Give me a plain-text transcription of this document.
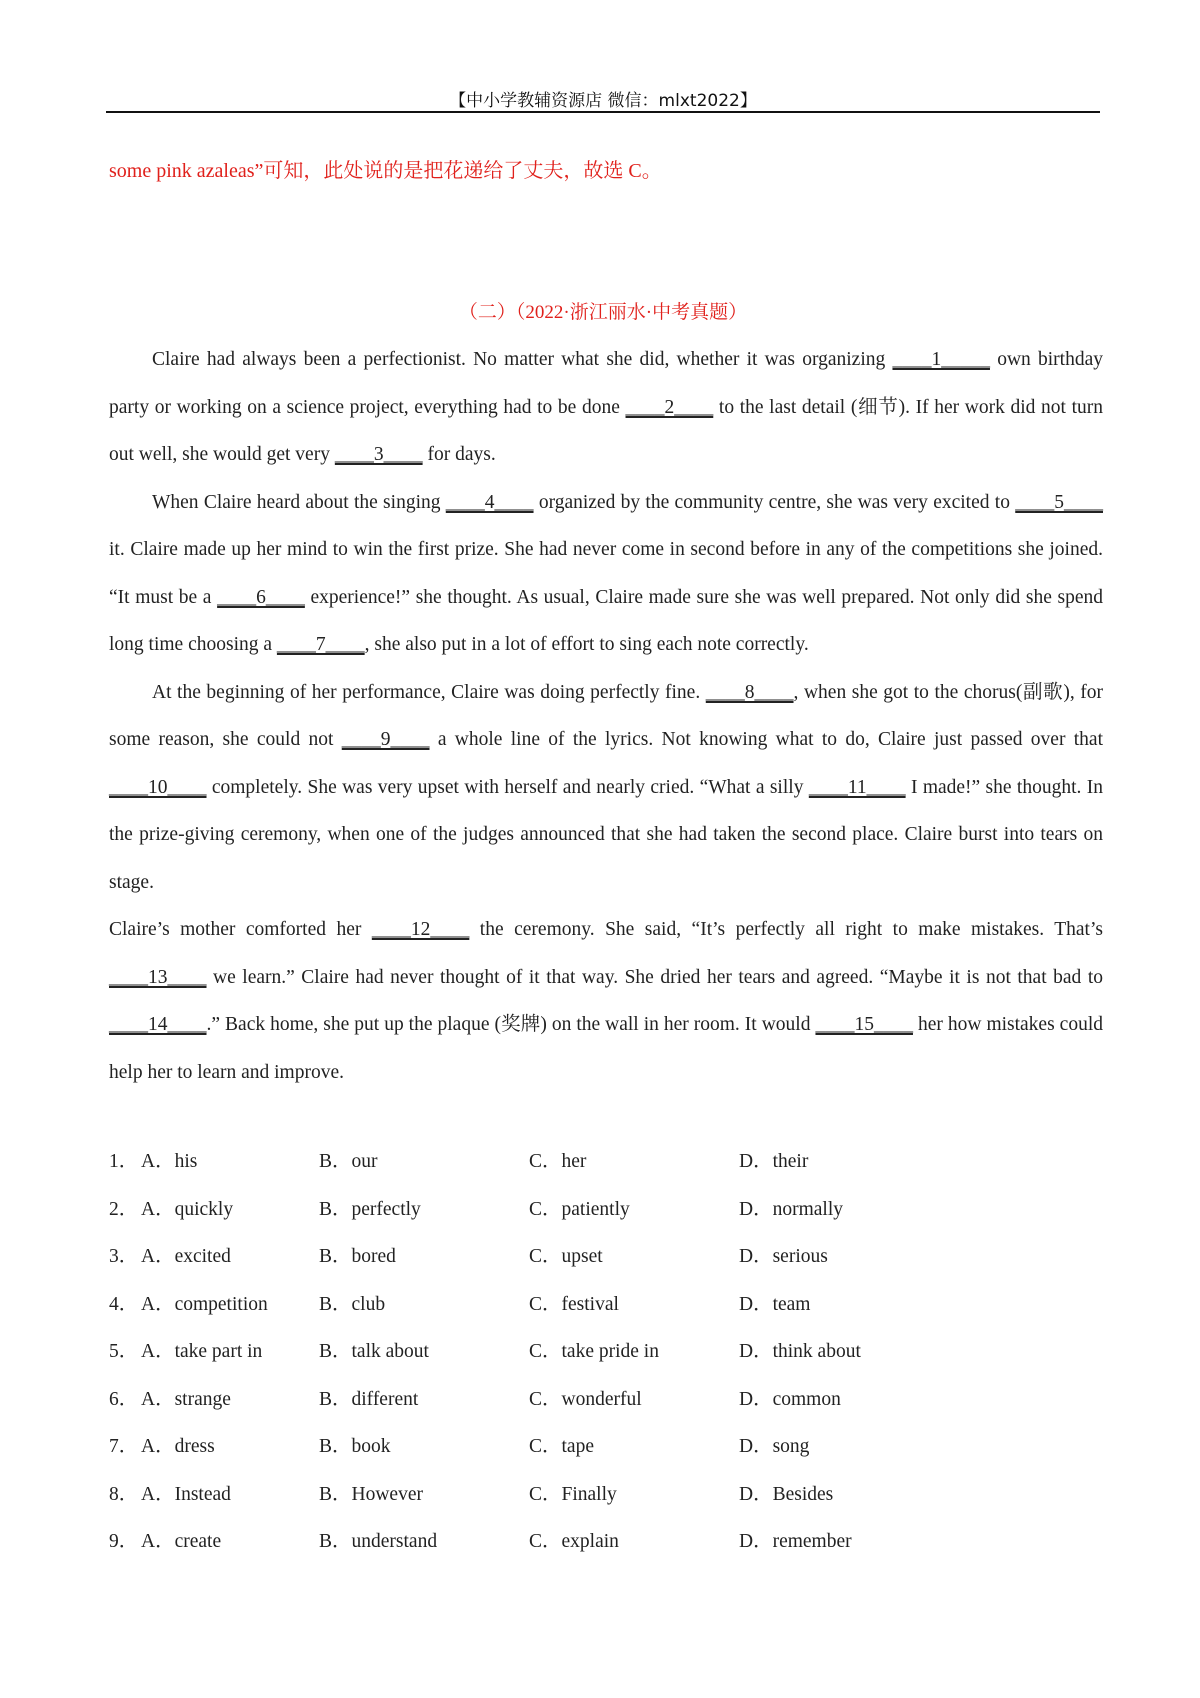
【中小学教辅资源店 微信：mlxt2022】
some pink azaleas”可知，此处说的是把花递给了丈夫，故选 C。
（二）（2022·浙江丽水·中考真题）

Claire had always been a perfectionist. No matter what she did, whether it was organizing ____1_____ own birthday party or working on a science project, everything had to be done ____2____ to the last detail (细节). If her work did not turn out well, she would get very ____3____ for days.

When Claire heard about the singing ____4____ organized by the community centre, she was very excited to ____5____ it. Claire made up her mind to win the first prize. She had never come in second before in any of the competitions she joined. “It must be a ____6____ experience!” she thought. As usual, Claire made sure she was well prepared. Not only did she spend long time choosing a ____7____, she also put in a lot of effort to sing each note correctly.

At the beginning of her performance, Claire was doing perfectly fine. ____8____, when she got to the chorus(副歌), for some reason, she could not ____9____ a whole line of the lyrics. Not knowing what to do, Claire just passed over that ____10____ completely. She was very upset with herself and nearly cried. “What a silly ____11____ I made!” she thought. In the prize-giving ceremony, when one of the judges announced that she had taken the second place. Claire burst into tears on stage.

Claire’s mother comforted her ____12____ the ceremony. She said, “It’s perfectly all right to make mistakes. That’s ____13____ we learn.” Claire had never thought of it that way. She dried her tears and agreed. “Maybe it is not that bad to ____14____.” Back home, she put up the plaque (奖牌) on the wall in her room. It would ____15____ her how mistakes could help her to learn and improve.

1． A．his	B．our	C．her	D．their
2． A．quickly	B．perfectly	C．patiently	D．normally
3． A．excited	B．bored	C．upset	D．serious
4． A．competition	B．club	C．festival	D．team
5． A．take part in	B．talk about	C．take pride in	D．think about
6． A．strange	B．different	C．wonderful	D．common
7． A．dress	B．book	C．tape	D．song
8． A．Instead	B．However	C．Finally	D．Besides
9． A．create	B．understand	C．explain	D．remember
